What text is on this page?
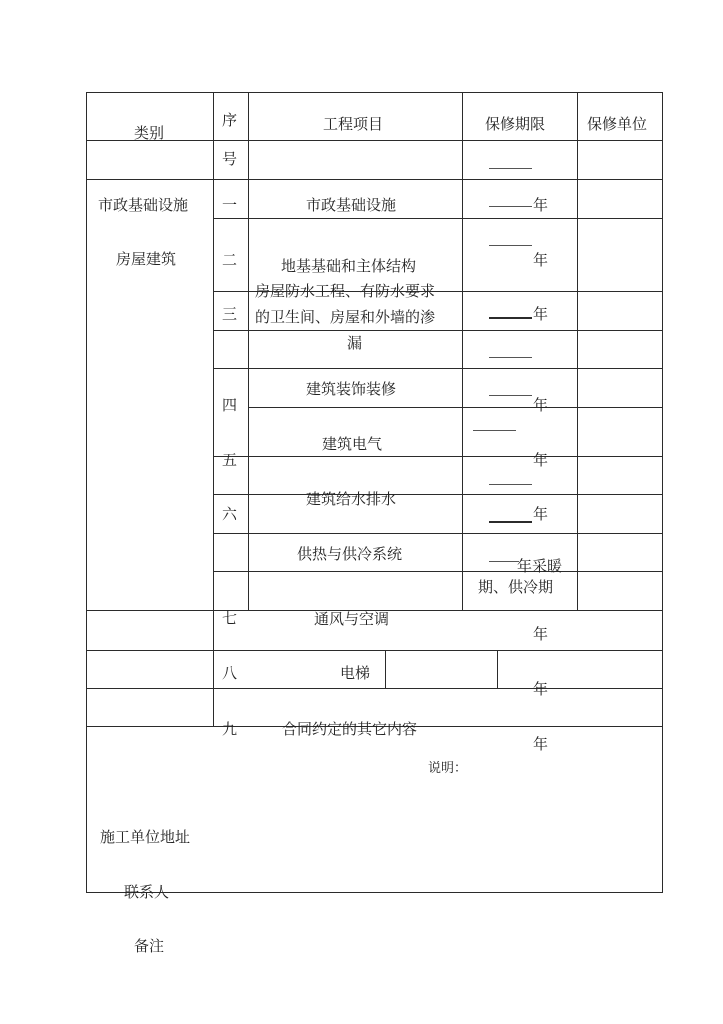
类别
序
号
工程项目	保修期限	保修单位
市政基础设施
房屋建筑
一
二
三
四
五
六
七
八
九
市政基础设施
地基基础和主体结构
房屋防水工程、有防水要求
的卫生间、房屋和外墙的渗
漏
建筑装饰装修
建筑电气
建筑给水排水
供热与供冷系统
通风与空调
电梯
合同约定的其它内容
年
年
年
年
年
年
年采暖
期、供冷期
年
年
年
说明：
施工单位地址
联系人
备注
